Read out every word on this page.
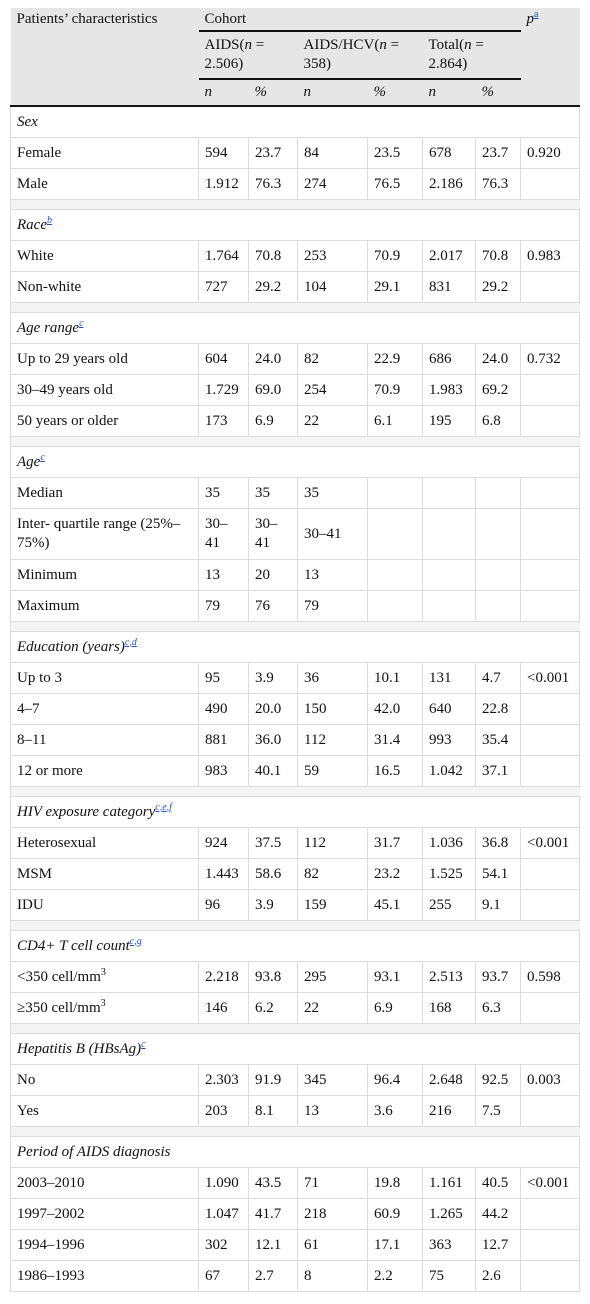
Patients’ characteristics	Cohort						p$^a$
	AIDS(n = 2.506)		AIDS/HCV(n = 358)		Total(n = 2.864)		
	n	%	n	%	n	%	
Sex							
Female	594	23.7	84	23.5	678	23.7	0.920
Male	1.912	76.3	274	76.5	2.186	76.3	

Race$^b$
White	1.764	70.8	253	70.9	2.017	70.8	0.983
Non-white	727	29.2	104	29.1	831	29.2	

Age range$^c$
Up to 29 years old	604	24.0	82	22.9	686	24.0	0.732
30–49 years old	1.729	69.0	254	70.9	1.983	69.2	
50 years or older	173	6.9	22	6.1	195	6.8	

Age$^c$
Median	35	35	35				
Inter- quartile range (25%–75%)	30–41	30–41	30–41				
Minimum	13	20	13				
Maximum	79	76	79				

Education (years)$^{c,d}$
Up to 3	95	3.9	36	10.1	131	4.7	<0.001
4–7	490	20.0	150	42.0	640	22.8	
8–11	881	36.0	112	31.4	993	35.4	
12 or more	983	40.1	59	16.5	1.042	37.1	

HIV exposure category$^{c,e,f}$
Heterosexual	924	37.5	112	31.7	1.036	36.8	<0.001
MSM	1.443	58.6	82	23.2	1.525	54.1	
IDU	96	3.9	159	45.1	255	9.1	

CD4+ T cell count$^{c,g}$
<350 cell/$mm^3$	2.218	93.8	295	93.1	2.513	93.7	0.598
≥350 cell/$mm^3$	146	6.2	22	6.9	168	6.3	

Hepatitis B (HBsAg)$^c$
No	2.303	91.9	345	96.4	2.648	92.5	0.003
Yes	203	8.1	13	3.6	216	7.5	

Period of AIDS diagnosis							
2003–2010	1.090	43.5	71	19.8	1.161	40.5	<0.001
1997–2002	1.047	41.7	218	60.9	1.265	44.2	
1994–1996	302	12.1	61	17.1	363	12.7	
1986–1993	67	2.7	8	2.2	75	2.6	
